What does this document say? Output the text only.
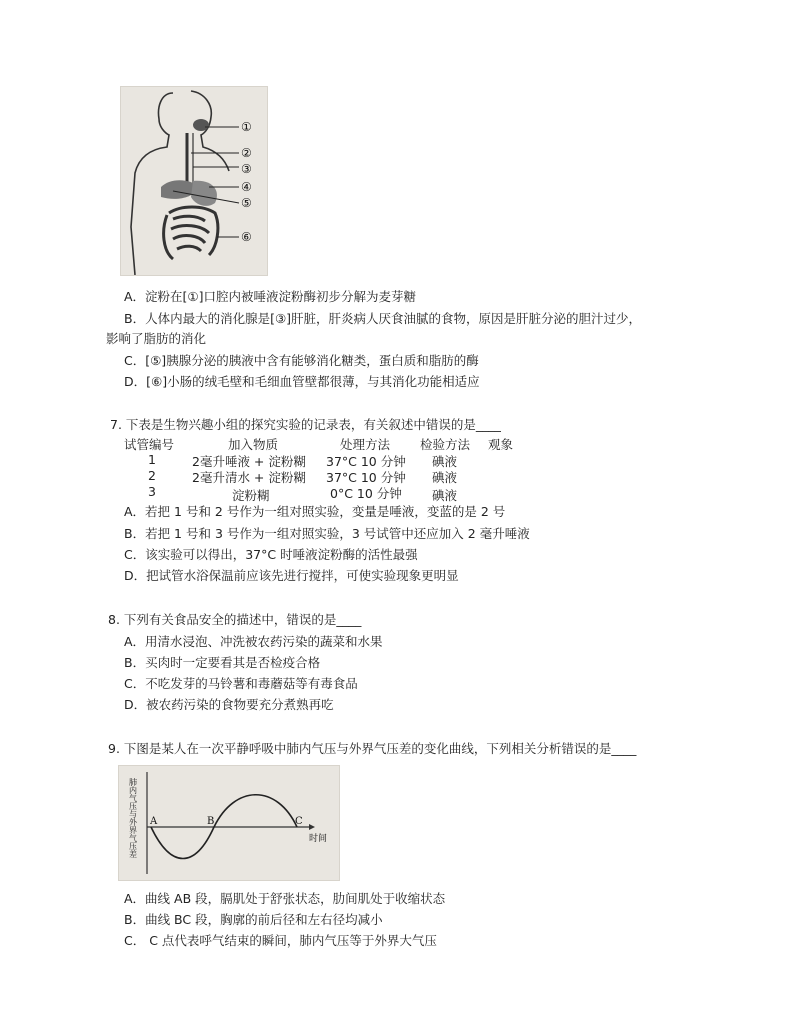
①
②
③
④
⑤
⑥
A．淀粉在[①]口腔内被唾液淀粉酶初步分解为麦芽糖
B．人体内最大的消化腺是[③]肝脏，肝炎病人厌食油腻的食物，原因是肝脏分泌的胆汁过少，
影响了脂肪的消化
C．[⑤]胰腺分泌的胰液中含有能够消化糖类，蛋白质和脂肪的酶
D．[⑥]小肠的绒毛壁和毛细血管壁都很薄，与其消化功能相适应
7. 下表是生物兴趣小组的探究实验的记录表，有关叙述中错误的是____
试管编号	加入物质	处理方法 检验方法 观象
1	2毫升唾液 + 淀粉糊 37°C 10 分钟 碘液
2	2毫升清水 + 淀粉糊 37°C 10 分钟 碘液
3	淀粉糊	0°C 10 分钟 碘液
A．若把 1 号和 2 号作为一组对照实验，变量是唾液，变蓝的是 2 号
B．若把 1 号和 3 号作为一组对照实验，3 号试管中还应加入 2 毫升唾液
C．该实验可以得出，37°C 时唾液淀粉酶的活性最强
D．把试管水浴保温前应该先进行搅拌，可使实验现象更明显
8. 下列有关食品安全的描述中，错误的是____
A．用清水浸泡、冲洗被农药污染的蔬菜和水果
B．买肉时一定要看其是否检疫合格
C．不吃发芽的马铃薯和毒蘑菇等有毒食品
D．被农药污染的食物要充分煮熟再吃
9. 下图是某人在一次平静呼吸中肺内气压与外界气压差的变化曲线，下列相关分析错误的是____
A	B	C
时间
肺内气压与外界气压差
A．曲线 AB 段，膈肌处于舒张状态，肋间肌处于收缩状态
B．曲线 BC 段，胸廓的前后径和左右径均减小
C． C 点代表呼气结束的瞬间，肺内气压等于外界大气压
